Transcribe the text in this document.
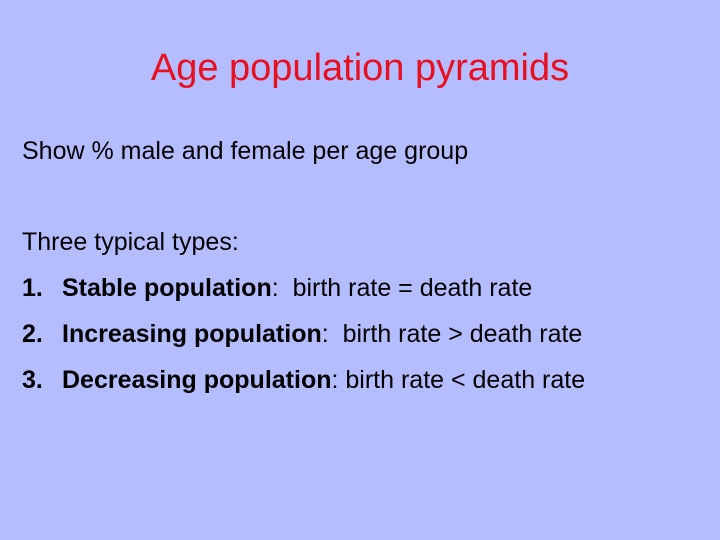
Age population pyramids
Show % male and female per age group
Three typical types:
1. Stable population:  birth rate = death rate
2. Increasing population:  birth rate > death rate
3. Decreasing population: birth rate < death rate
